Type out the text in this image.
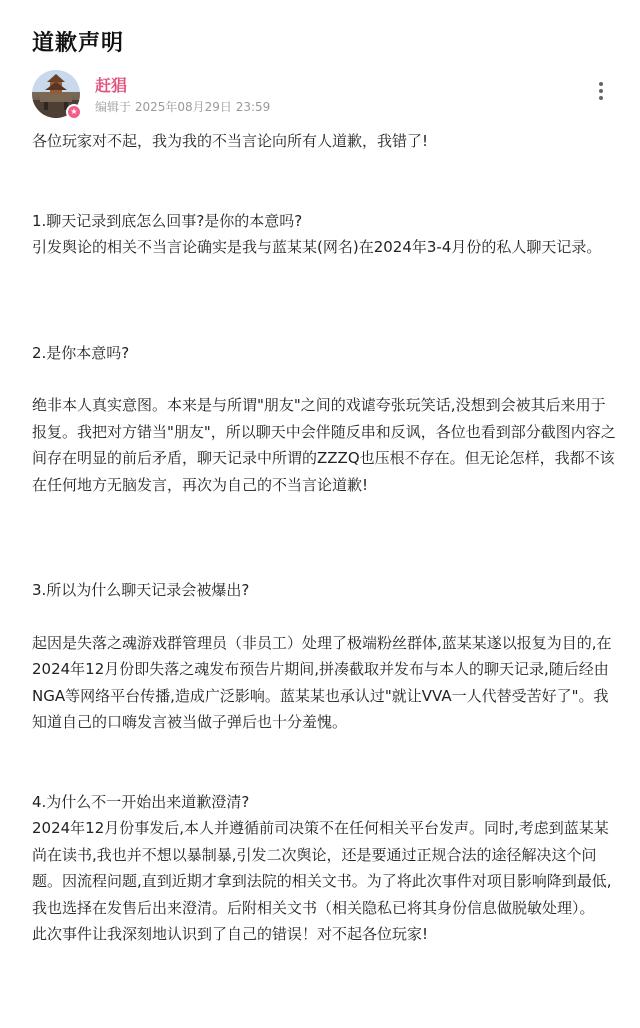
道歉声明
★
赶猖
编辑于 2025年08月29日 23:59

各位玩家对不起，我为我的不当言论向所有人道歉，我错了!

1.聊天记录到底怎么回事?是你的本意吗?

引发舆论的相关不当言论确实是我与蓝某某(网名)在2024年3-4月份的私人聊天记录。

2.是你本意吗?

绝非本人真实意图。本来是与所谓"朋友"之间的戏谑夸张玩笑话,没想到会被其后来用于报复。我把对方错当"朋友"，所以聊天中会伴随反串和反讽，各位也看到部分截图内容之间存在明显的前后矛盾，聊天记录中所谓的ZZZQ也压根不存在。但无论怎样，我都不该在任何地方无脑发言，再次为自己的不当言论道歉!

3.所以为什么聊天记录会被爆出?

起因是失落之魂游戏群管理员（非员工）处理了极端粉丝群体,蓝某某遂以报复为目的,在2024年12月份即失落之魂发布预告片期间,拼凑截取并发布与本人的聊天记录,随后经由NGA等网络平台传播,造成广泛影响。蓝某某也承认过"就让VVA一人代替受苦好了"。我知道自己的口嗨发言被当做子弹后也十分羞愧。

4.为什么不一开始出来道歉澄清?

2024年12月份事发后,本人并遵循前司决策不在任何相关平台发声。同时,考虑到蓝某某尚在读书,我也并不想以暴制暴,引发二次舆论，还是要通过正规合法的途径解决这个问题。因流程问题,直到近期才拿到法院的相关文书。为了将此次事件对项目影响降到最低,我也选择在发售后出来澄清。后附相关文书（相关隐私已将其身份信息做脱敏处理）。

此次事件让我深刻地认识到了自己的错误！对不起各位玩家!
